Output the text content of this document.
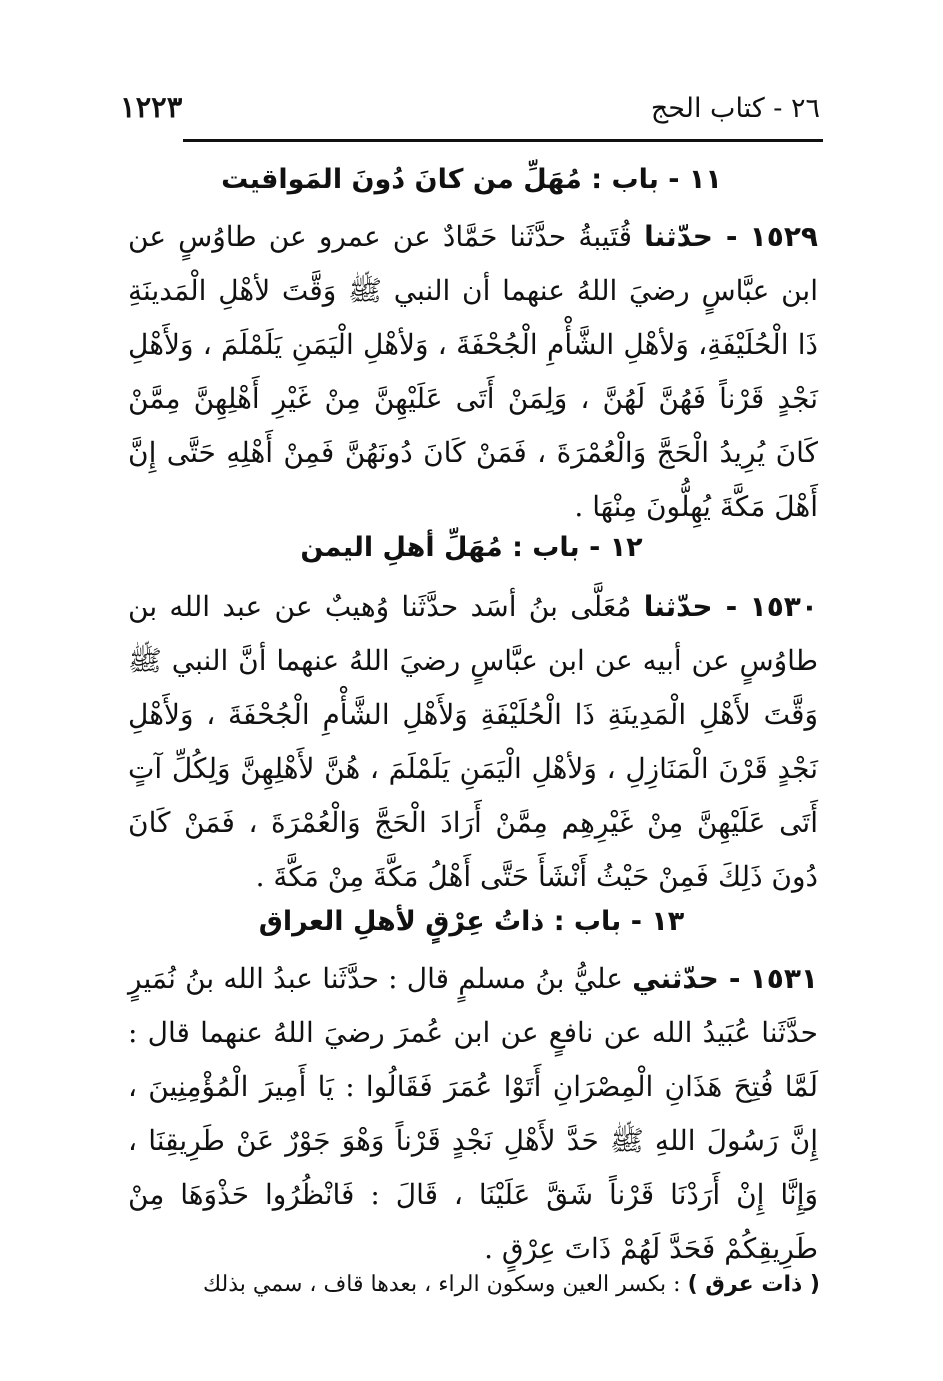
٢٦ - كتاب الحج
١٢٢٣
١١ - باب : مُهَلِّ من كانَ دُونَ المَواقيت

١٥٢٩ - حدّثنا قُتَيبةُ حدَّثَنا حَمَّادٌ عن عمرو عن طاوُسٍ عن ابن عبَّاسٍ رضيَ اللهُ عنهما أن النبي ﷺ وَقَّتَ لأهْلِ الْمَدينَةِ ذَا الْحُلَيْفَةِ، وَلأهْلِ الشَّأْمِ الْجُحْفَةَ ، وَلأهْلِ الْيَمَنِ يَلَمْلَمَ ، وَلأَهْلِ نَجْدٍ قَرْناً فَهُنَّ لَهُنَّ ، وَلِمَنْ أَتَى عَلَيْهِنَّ مِنْ غَيْرِ أَهْلِهِنَّ مِمَّنْ كَانَ يُرِيدُ الْحَجَّ وَالْعُمْرَةَ ، فَمَنْ كَانَ دُونَهُنَّ فَمِنْ أَهْلِهِ حَتَّى إِنَّ أَهْلَ مَكَّةَ يُهِلُّونَ مِنْهَا .

١٢ - باب : مُهَلِّ أهلِ اليمن

١٥٣٠ - حدّثنا مُعَلَّى بنُ أسَد حدَّثَنا وُهيبٌ عن عبد الله بن طاوُسٍ عن أبيه عن ابن عبَّاسٍ رضيَ اللهُ عنهما أنَّ النبي ﷺ وَقَّتَ لأَهْلِ الْمَدِينَةِ ذَا الْحُلَيْفَةِ وَلأَهْلِ الشَّأْمِ الْجُحْفَةَ ، وَلأَهْلِ نَجْدٍ قَرْنَ الْمَنَازِلِ ، وَلأهْلِ الْيَمَنِ يَلَمْلَمَ ، هُنَّ لأَهْلِهِنَّ وَلِكُلِّ آتٍ أَتَى عَلَيْهِنَّ مِنْ غَيْرِهِم مِمَّنْ أَرَادَ الْحَجَّ وَالْعُمْرَةَ ، فَمَنْ كَانَ دُونَ ذَلِكَ فَمِنْ حَيْثُ أَنْشَأَ حَتَّى أَهْلُ مَكَّةَ مِنْ مَكَّةَ .

١٣ - باب : ذاتُ عِرْقٍ لأهلِ العراق

١٥٣١ - حدّثني عليُّ بنُ مسلمٍ قال : حدَّثَنا عبدُ الله بنُ نُمَيرٍ حدَّثَنا عُبَيدُ الله عن نافعٍ عن ابن عُمرَ رضيَ اللهُ عنهما قال : لَمَّا فُتِحَ هَذَانِ الْمِصْرَانِ أَتَوْا عُمَرَ فَقَالُوا : يَا أَمِيرَ الْمُؤْمِنِينَ ، إِنَّ رَسُولَ اللهِ ﷺ حَدَّ لأَهْلِ نَجْدٍ قَرْناً وَهْوَ جَوْرٌ عَنْ طَرِيقِنَا ، وَإِنَّا إِنْ أَرَدْنَا قَرْناً شَقَّ عَلَيْنَا ، قَالَ : فَانْظُرُوا حَذْوَهَا مِنْ طَرِيقِكُمْ فَحَدَّ لَهُمْ ذَاتَ عِرْقٍ .

( ذات عرق ) : بكسر العين وسكون الراء ، بعدها قاف ، سمي بذلك
